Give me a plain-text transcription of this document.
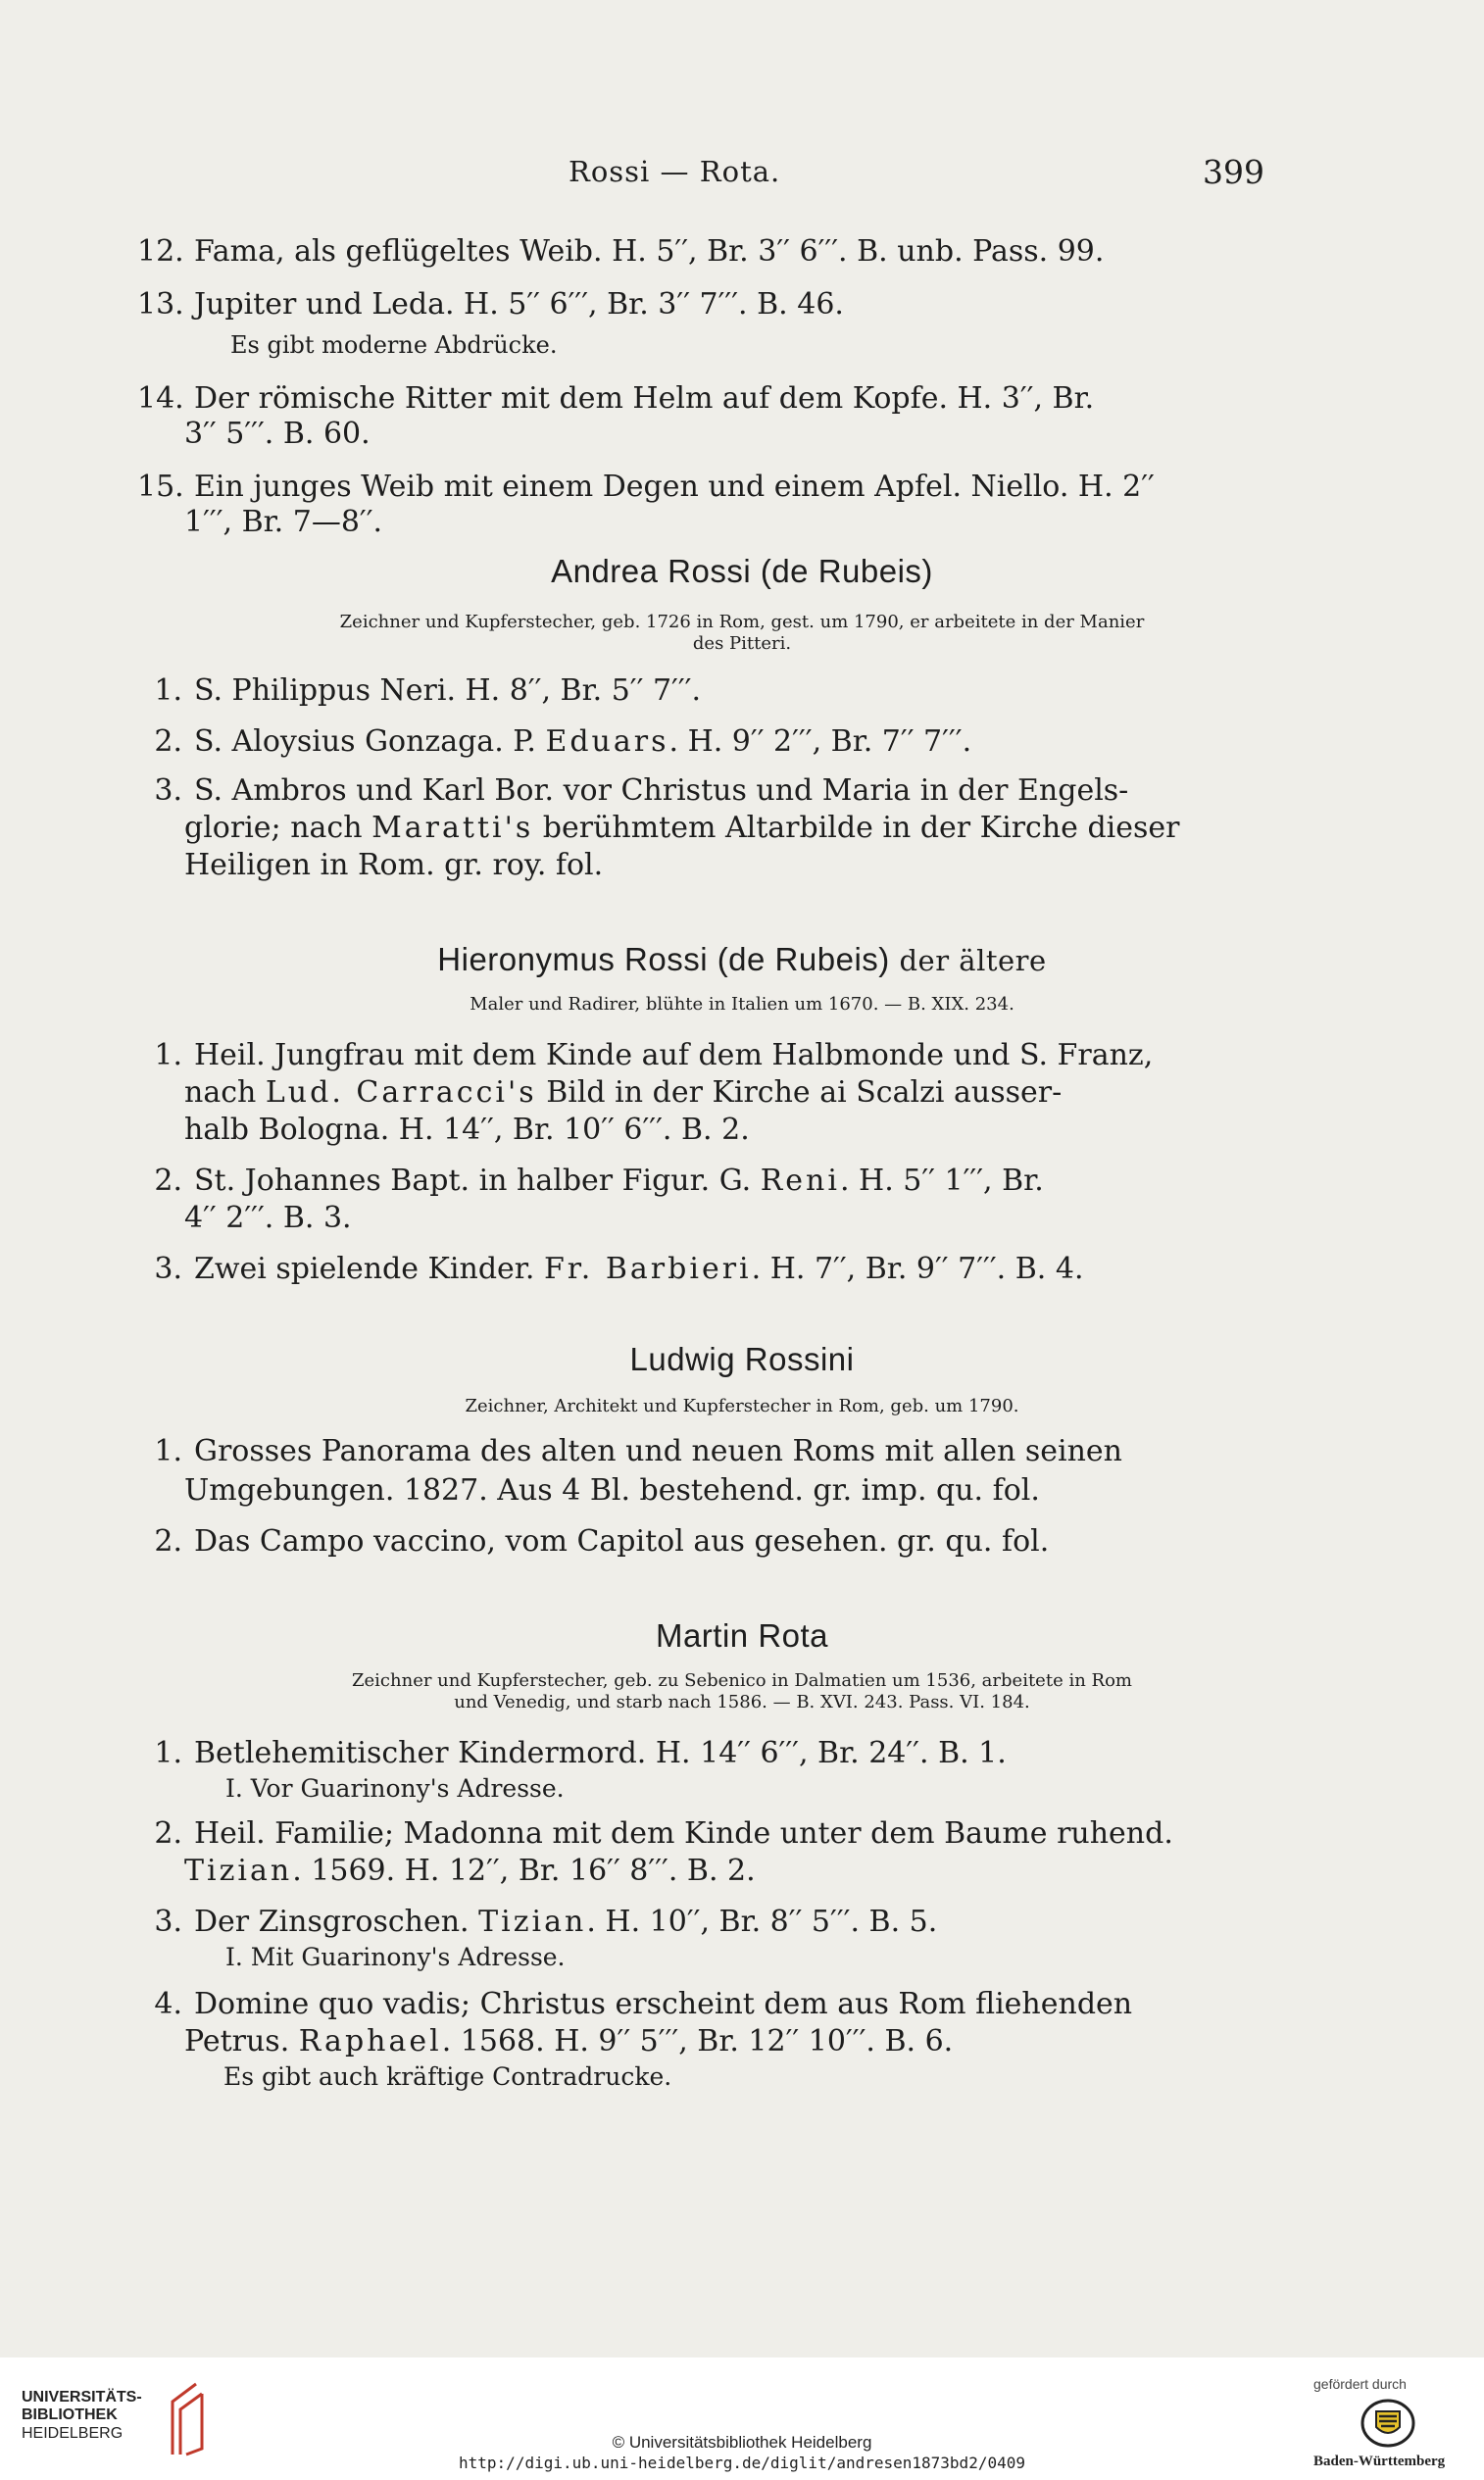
Rossi — Rota.	399
12. Fama, als geflügeltes Weib. H. 5′′, Br. 3′′ 6′′′. B. unb. Pass. 99.
13. Jupiter und Leda. H. 5′′ 6′′′, Br. 3′′ 7′′′. B. 46.
Es gibt moderne Abdrücke.
14. Der römische Ritter mit dem Helm auf dem Kopfe. H. 3′′, Br.
3′′ 5′′′. B. 60.
15. Ein junges Weib mit einem Degen und einem Apfel. Niello. H. 2′′
1′′′, Br. 7—8′′.
Andrea Rossi (de Rubeis)
Zeichner und Kupferstecher, geb. 1726 in Rom, gest. um 1790, er arbeitete in der Manier
des Pitteri.
1. S. Philippus Neri. H. 8′′, Br. 5′′ 7′′′.
2. S. Aloysius Gonzaga. P. Eduars. H. 9′′ 2′′′, Br. 7′′ 7′′′.
3. S. Ambros und Karl Bor. vor Christus und Maria in der Engels-
glorie; nach Maratti's berühmtem Altarbilde in der Kirche dieser
Heiligen in Rom. gr. roy. fol.
Hieronymus Rossi (de Rubeis) der ältere
Maler und Radirer, blühte in Italien um 1670. — B. XIX. 234.
1. Heil. Jungfrau mit dem Kinde auf dem Halbmonde und S. Franz,
nach Lud. Carracci's Bild in der Kirche ai Scalzi ausser-
halb Bologna. H. 14′′, Br. 10′′ 6′′′. B. 2.
2. St. Johannes Bapt. in halber Figur. G. Reni. H. 5′′ 1′′′, Br.
4′′ 2′′′. B. 3.
3. Zwei spielende Kinder. Fr. Barbieri. H. 7′′, Br. 9′′ 7′′′. B. 4.
Ludwig Rossini
Zeichner, Architekt und Kupferstecher in Rom, geb. um 1790.
1. Grosses Panorama des alten und neuen Roms mit allen seinen
Umgebungen. 1827. Aus 4 Bl. bestehend. gr. imp. qu. fol.
2. Das Campo vaccino, vom Capitol aus gesehen. gr. qu. fol.
Martin Rota
Zeichner und Kupferstecher, geb. zu Sebenico in Dalmatien um 1536, arbeitete in Rom
und Venedig, und starb nach 1586. — B. XVI. 243. Pass. VI. 184.
1. Betlehemitischer Kindermord. H. 14′′ 6′′′, Br. 24′′. B. 1.
I. Vor Guarinony's Adresse.
2. Heil. Familie; Madonna mit dem Kinde unter dem Baume ruhend.
Tizian. 1569. H. 12′′, Br. 16′′ 8′′′. B. 2.
3. Der Zinsgroschen. Tizian. H. 10′′, Br. 8′′ 5′′′. B. 5.
I. Mit Guarinony's Adresse.
4. Domine quo vadis; Christus erscheint dem aus Rom fliehenden
Petrus. Raphael. 1568. H. 9′′ 5′′′, Br. 12′′ 10′′′. B. 6.
Es gibt auch kräftige Contradrucke.
UNIVERSITÄTS-
BIBLIOTHEK
HEIDELBERG	© Universitätsbibliothek Heidelberg
http://digi.ub.uni-heidelberg.de/diglit/andresen1873bd2/0409
gefördert durch
Baden-Württemberg
